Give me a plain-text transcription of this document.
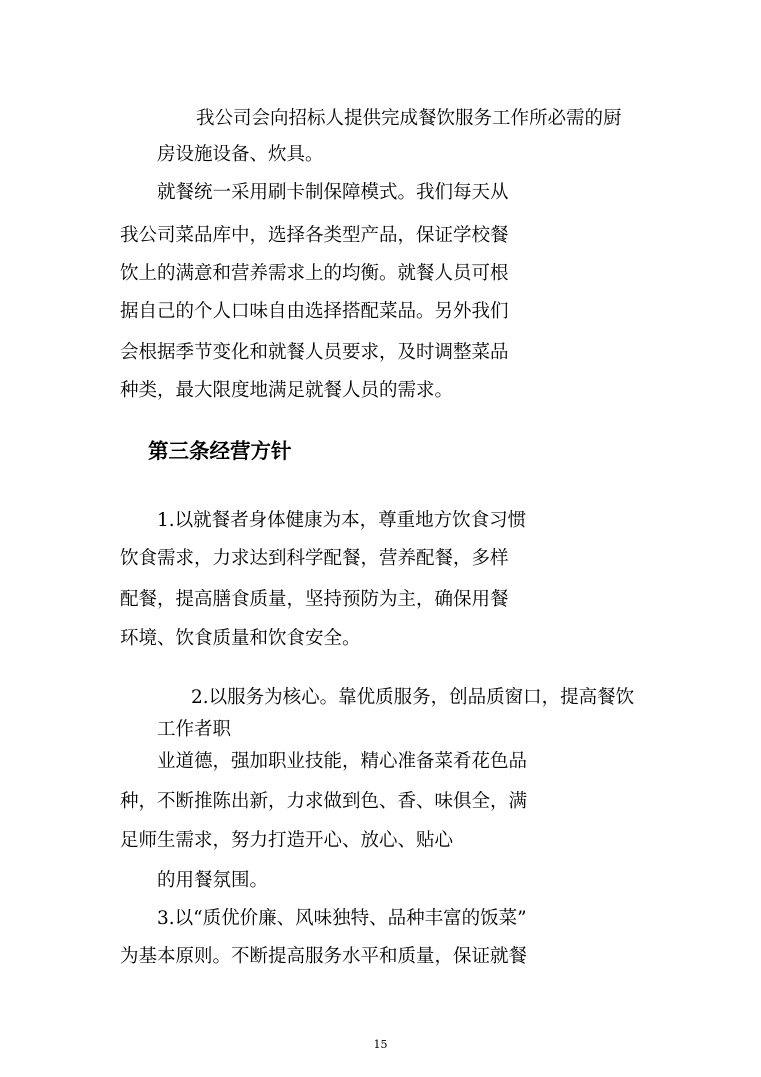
我公司会向招标人提供完成餐饮服务工作所必需的厨
房设施设备、炊具。
就餐统一采用刷卡制保障模式。我们每天从
我公司菜品库中，选择各类型产品，保证学校餐
饮上的满意和营养需求上的均衡。就餐人员可根
据自己的个人口味自由选择搭配菜品。另外我们
会根据季节变化和就餐人员要求，及时调整菜品
种类，最大限度地满足就餐人员的需求。
第三条经营方针
1.以就餐者身体健康为本，尊重地方饮食习惯
饮食需求，力求达到科学配餐，营养配餐，多样
配餐，提高膳食质量，坚持预防为主，确保用餐
环境、饮食质量和饮食安全。
2.以服务为核心。靠优质服务，创品质窗口，提高餐饮
工作者职
业道德，强加职业技能，精心准备菜肴花色品
种，不断推陈出新，力求做到色、香、味俱全，满
足师生需求，努力打造开心、放心、贴心
的用餐氛围。
3.以“质优价廉、风味独特、品种丰富的饭菜”
为基本原则。不断提高服务水平和质量，保证就餐
15
